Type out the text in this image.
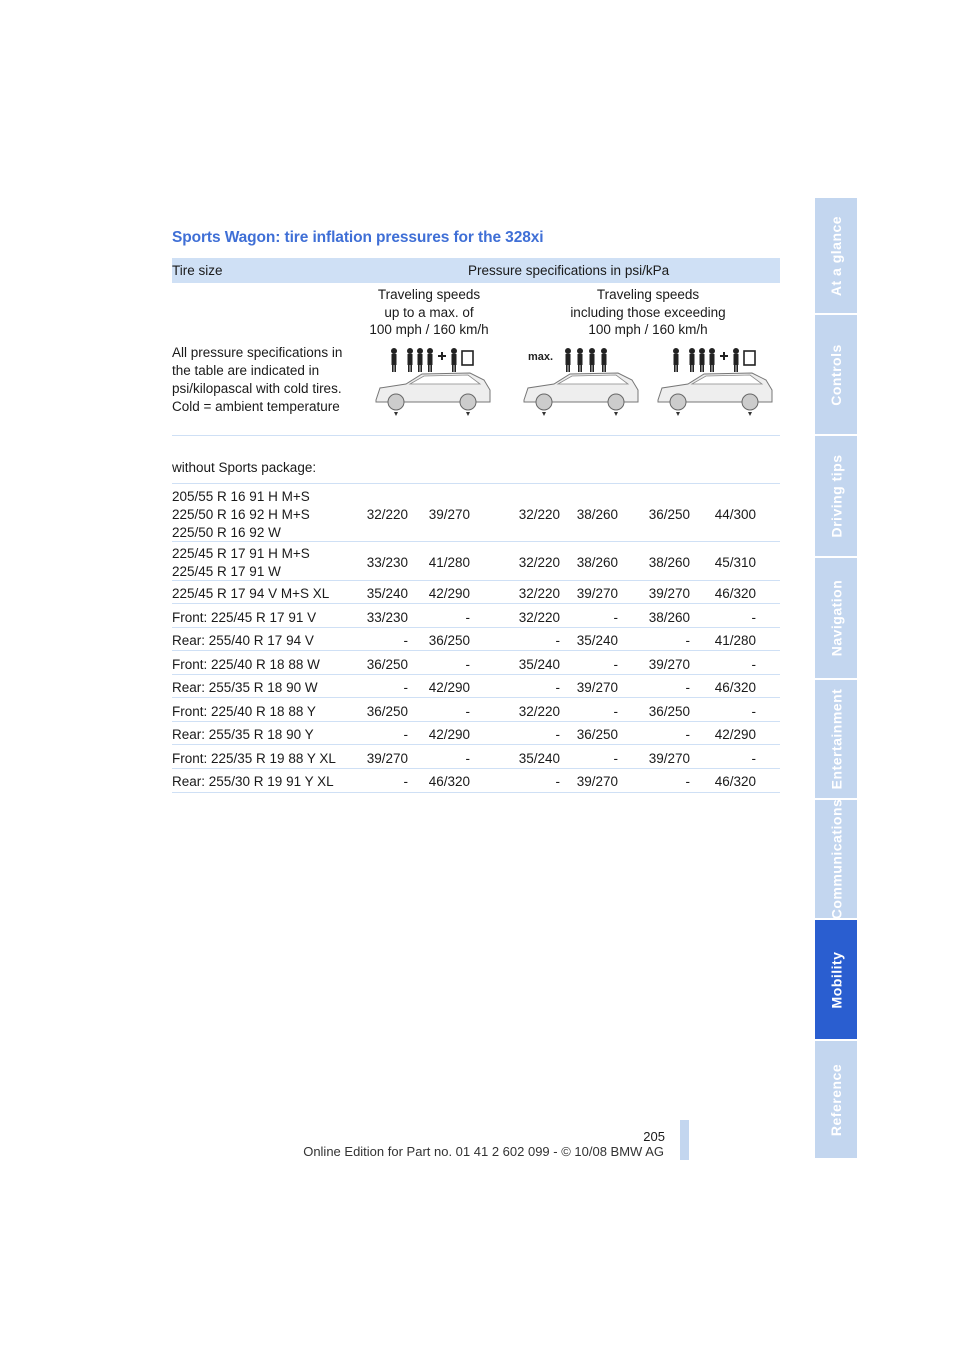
Sports Wagon: tire inflation pressures for the 328xi
Tire size	Pressure specifications in psi/kPa
Traveling speeds
up to a max. of
100 mph / 160 km/h
Traveling speeds
including those exceeding
100 mph / 160 km/h
All pressure specifications in
the table are indicated in
psi/kilopascal with cold tires.
Cold = ambient temperature
max.
without Sports package:
205/55 R 16 91 H M+S
225/50 R 16 92 H M+S
225/50 R 16 92 W
32/220	39/270	32/220	38/260	36/250	44/300
225/45 R 17 91 H M+S
225/45 R 17 91 W
33/230	41/280	32/220	38/260	38/260	45/310
225/45 R 17 94 V M+S XL	35/240	42/290	32/220	39/270	39/270	46/320
Front: 225/45 R 17 91 V	33/230	-	32/220	-	38/260	-
Rear: 255/40 R 17 94 V	-	36/250	-	35/240	-	41/280
Front: 225/40 R 18 88 W	36/250	-	35/240	-	39/270	-
Rear: 255/35 R 18 90 W	-	42/290	-	39/270	-	46/320
Front: 225/40 R 18 88 Y	36/250	-	32/220	-	36/250	-
Rear: 255/35 R 18 90 Y	-	42/290	-	36/250	-	42/290
Front: 225/35 R 19 88 Y XL	39/270	-	35/240	-	39/270	-
Rear: 255/30 R 19 91 Y XL	-	46/320	-	39/270	-	46/320
At a glance
Controls
Driving tips
Navigation
Entertainment
Communications
Mobility
Reference
205
Online Edition for Part no. 01 41 2 602 099 - © 10/08 BMW AG
